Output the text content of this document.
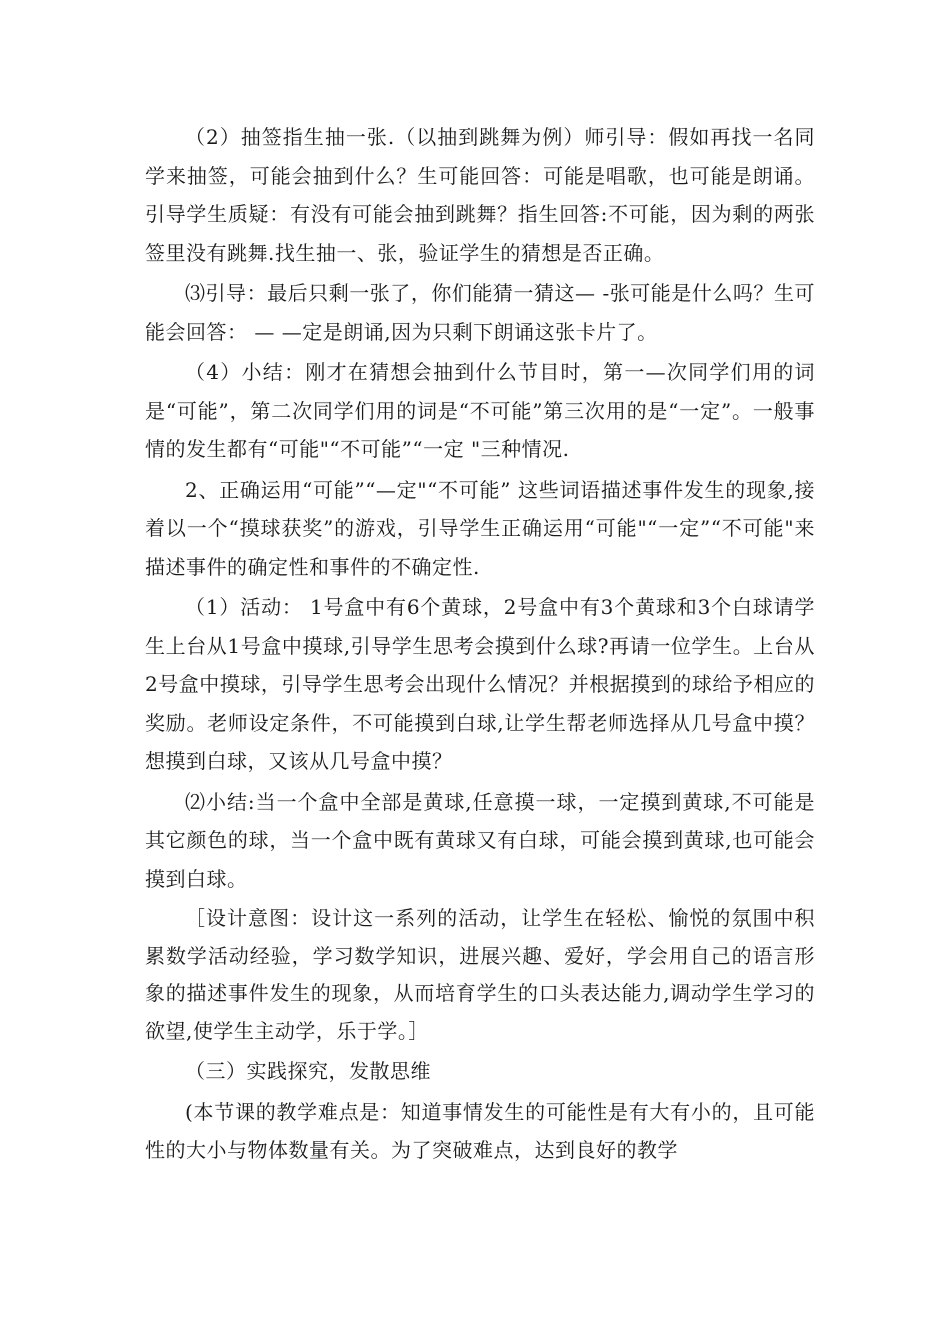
（2）抽签指生抽一张.（以抽到跳舞为例）师引导：假如再找一名同学来抽签，可能会抽到什么？生可能回答：可能是唱歌，也可能是朗诵。引导学生质疑：有没有可能会抽到跳舞？指生回答:不可能，因为剩的两张签里没有跳舞.找生抽一、张，验证学生的猜想是否正确。

⑶引导：最后只剩一张了，你们能猜一猜这— -张可能是什么吗？生可能会回答： — —定是朗诵,因为只剩下朗诵这张卡片了。

（4）小结：刚才在猜想会抽到什么节目时，第一—次同学们用的词是“可能”，第二次同学们用的词是“不可能”第三次用的是“一定”。一般事情的发生都有“可能"“不可能”“一定 "三种情况.

2、正确运用“可能”“—定"“不可能” 这些词语描述事件发生的现象,接着以一个“摸球获奖”的游戏，引导学生正确运用“可能"“一定”“不可能"来描述事件的确定性和事件的不确定性.

（1）活动： 1号盒中有6个黄球，2号盒中有3个黄球和3个白球请学生上台从1号盒中摸球,引导学生思考会摸到什么球?再请一位学生。上台从2号盒中摸球，引导学生思考会出现什么情况？并根据摸到的球给予相应的奖励。老师设定条件，不可能摸到白球,让学生帮老师选择从几号盒中摸？想摸到白球，又该从几号盒中摸？

⑵小结:当一个盒中全部是黄球,任意摸一球，一定摸到黄球,不可能是其它颜色的球，当一个盒中既有黄球又有白球，可能会摸到黄球,也可能会摸到白球。

［设计意图：设计这一系列的活动，让学生在轻松、愉悦的氛围中积累数学活动经验，学习数学知识，进展兴趣、爱好，学会用自己的语言形象的描述事件发生的现象，从而培育学生的口头表达能力,调动学生学习的欲望,使学生主动学，乐于学。］

（三）实践探究，发散思维

(本节课的教学难点是：知道事情发生的可能性是有大有小的，且可能性的大小与物体数量有关。为了突破难点，达到良好的教学
